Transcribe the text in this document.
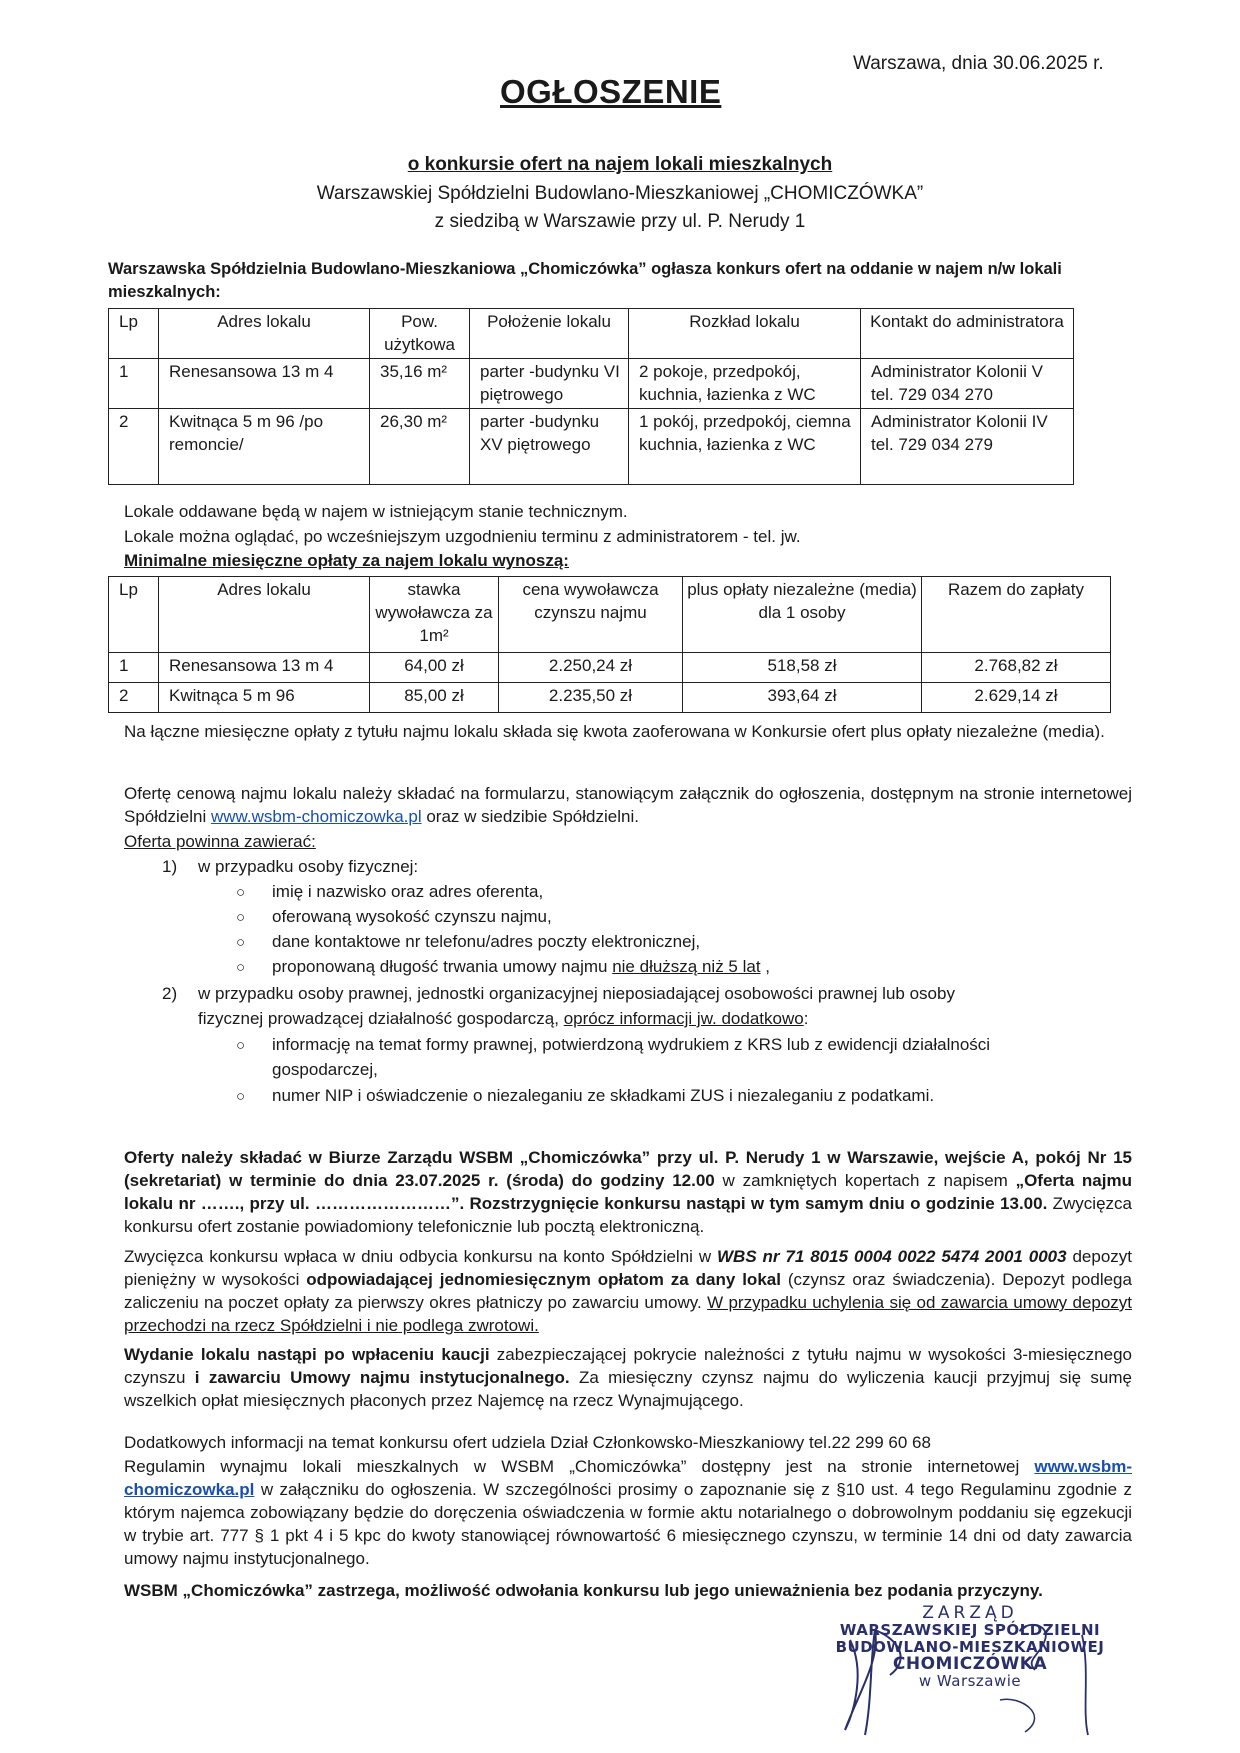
Warszawa, dnia 30.06.2025 r.
OGŁOSZENIE
o konkursie ofert na najem lokali mieszkalnych
Warszawskiej Spółdzielni Budowlano-Mieszkaniowej „CHOMICZÓWKA”
z siedzibą w Warszawie przy ul. P. Nerudy 1
Warszawska Spółdzielnia Budowlano-Mieszkaniowa „Chomiczówka” ogłasza konkurs ofert na oddanie w najem n/w lokali mieszkalnych:
Lp	Adres lokalu	Pow. użytkowa	Położenie lokalu	Rozkład lokalu	Kontakt do administratora
1	Renesansowa 13 m 4	35,16 m²	parter -budynku VI piętrowego	2 pokoje, przedpokój, kuchnia, łazienka z WC	Administrator Kolonii V
tel. 729 034 270

2	Kwitnąca 5 m 96 /po remoncie/	26,30 m²	parter -budynku XV piętrowego	1 pokój, przedpokój, ciemna kuchnia, łazienka z WC	Administrator Kolonii IV
tel. 729 034 279
Lokale oddawane będą w najem w istniejącym stanie technicznym.
Lokale można oglądać, po wcześniejszym uzgodnieniu terminu z administratorem - tel. jw.
Minimalne miesięczne opłaty za najem lokalu wynoszą:
Lp	Adres lokalu	stawka wywoławcza za 1m²	cena wywoławcza czynszu najmu	plus opłaty niezależne (media) dla 1 osoby	Razem do zapłaty
1	Renesansowa 13 m 4	64,00 zł	2.250,24 zł	518,58 zł	2.768,82 zł
2	Kwitnąca 5 m 96	85,00 zł	2.235,50 zł	393,64 zł	2.629,14 zł
Na łączne miesięczne opłaty z tytułu najmu lokalu składa się kwota zaoferowana w Konkursie ofert plus opłaty niezależne (media).
Ofertę cenową najmu lokalu należy składać na formularzu, stanowiącym załącznik do ogłoszenia, dostępnym na stronie internetowej Spółdzielni www.wsbm-chomiczowka.pl oraz w siedzibie Spółdzielni.
Oferta powinna zawierać:
1) w przypadku osoby fizycznej:
○ imię i nazwisko oraz adres oferenta,
○ oferowaną wysokość czynszu najmu,
○ dane kontaktowe nr telefonu/adres poczty elektronicznej,
○ proponowaną długość trwania umowy najmu nie dłuższą niż 5 lat ,
2) w przypadku osoby prawnej, jednostki organizacyjnej nieposiadającej osobowości prawnej lub osoby
fizycznej prowadzącej działalność gospodarczą, oprócz informacji jw. dodatkowo:
○ informację na temat formy prawnej, potwierdzoną wydrukiem z KRS lub z ewidencji działalności
gospodarczej,
○ numer NIP i oświadczenie o niezaleganiu ze składkami ZUS i niezaleganiu z podatkami.
Oferty należy składać w Biurze Zarządu WSBM „Chomiczówka” przy ul. P. Nerudy 1 w Warszawie, wejście A, pokój Nr 15 (sekretariat) w terminie do dnia 23.07.2025 r. (środa) do godziny 12.00 w zamkniętych kopertach z napisem „Oferta najmu lokalu nr ……., przy ul. ……………………”. Rozstrzygnięcie konkursu nastąpi w tym samym dniu o godzinie 13.00. Zwycięzca konkursu ofert zostanie powiadomiony telefonicznie lub pocztą elektroniczną.
Zwycięzca konkursu wpłaca w dniu odbycia konkursu na konto Spółdzielni w WBS nr 71 8015 0004 0022 5474 2001 0003 depozyt pieniężny w wysokości odpowiadającej jednomiesięcznym opłatom za dany lokal (czynsz oraz świadczenia). Depozyt podlega zaliczeniu na poczet opłaty za pierwszy okres płatniczy po zawarciu umowy. W przypadku uchylenia się od zawarcia umowy depozyt przechodzi na rzecz Spółdzielni i nie podlega zwrotowi.
Wydanie lokalu nastąpi po wpłaceniu kaucji zabezpieczającej pokrycie należności z tytułu najmu w wysokości 3-miesięcznego czynszu i zawarciu Umowy najmu instytucjonalnego. Za miesięczny czynsz najmu do wyliczenia kaucji przyjmuj się sumę wszelkich opłat miesięcznych płaconych przez Najemcę na rzecz Wynajmującego.
Dodatkowych informacji na temat konkursu ofert udziela Dział Członkowsko-Mieszkaniowy tel.22 299 60 68
Regulamin wynajmu lokali mieszkalnych w WSBM „Chomiczówka” dostępny jest na stronie internetowej www.wsbm-chomiczowka.pl w załączniku do ogłoszenia. W szczególności prosimy o zapoznanie się z §10 ust. 4 tego Regulaminu zgodnie z którym najemca zobowiązany będzie do doręczenia oświadczenia w formie aktu notarialnego o dobrowolnym poddaniu się egzekucji w trybie art. 777 § 1 pkt 4 i 5 kpc do kwoty stanowiącej równowartość 6 miesięcznego czynszu, w terminie 14 dni od daty zawarcia umowy najmu instytucjonalnego.
WSBM „Chomiczówka” zastrzega, możliwość odwołania konkursu lub jego unieważnienia bez podania przyczyny.
ZARZĄD
WARSZAWSKIEJ SPÓŁDZIELNI
BUDOWLANO-MIESZKANIOWEJ
CHOMICZÓWKA
w Warszawie
